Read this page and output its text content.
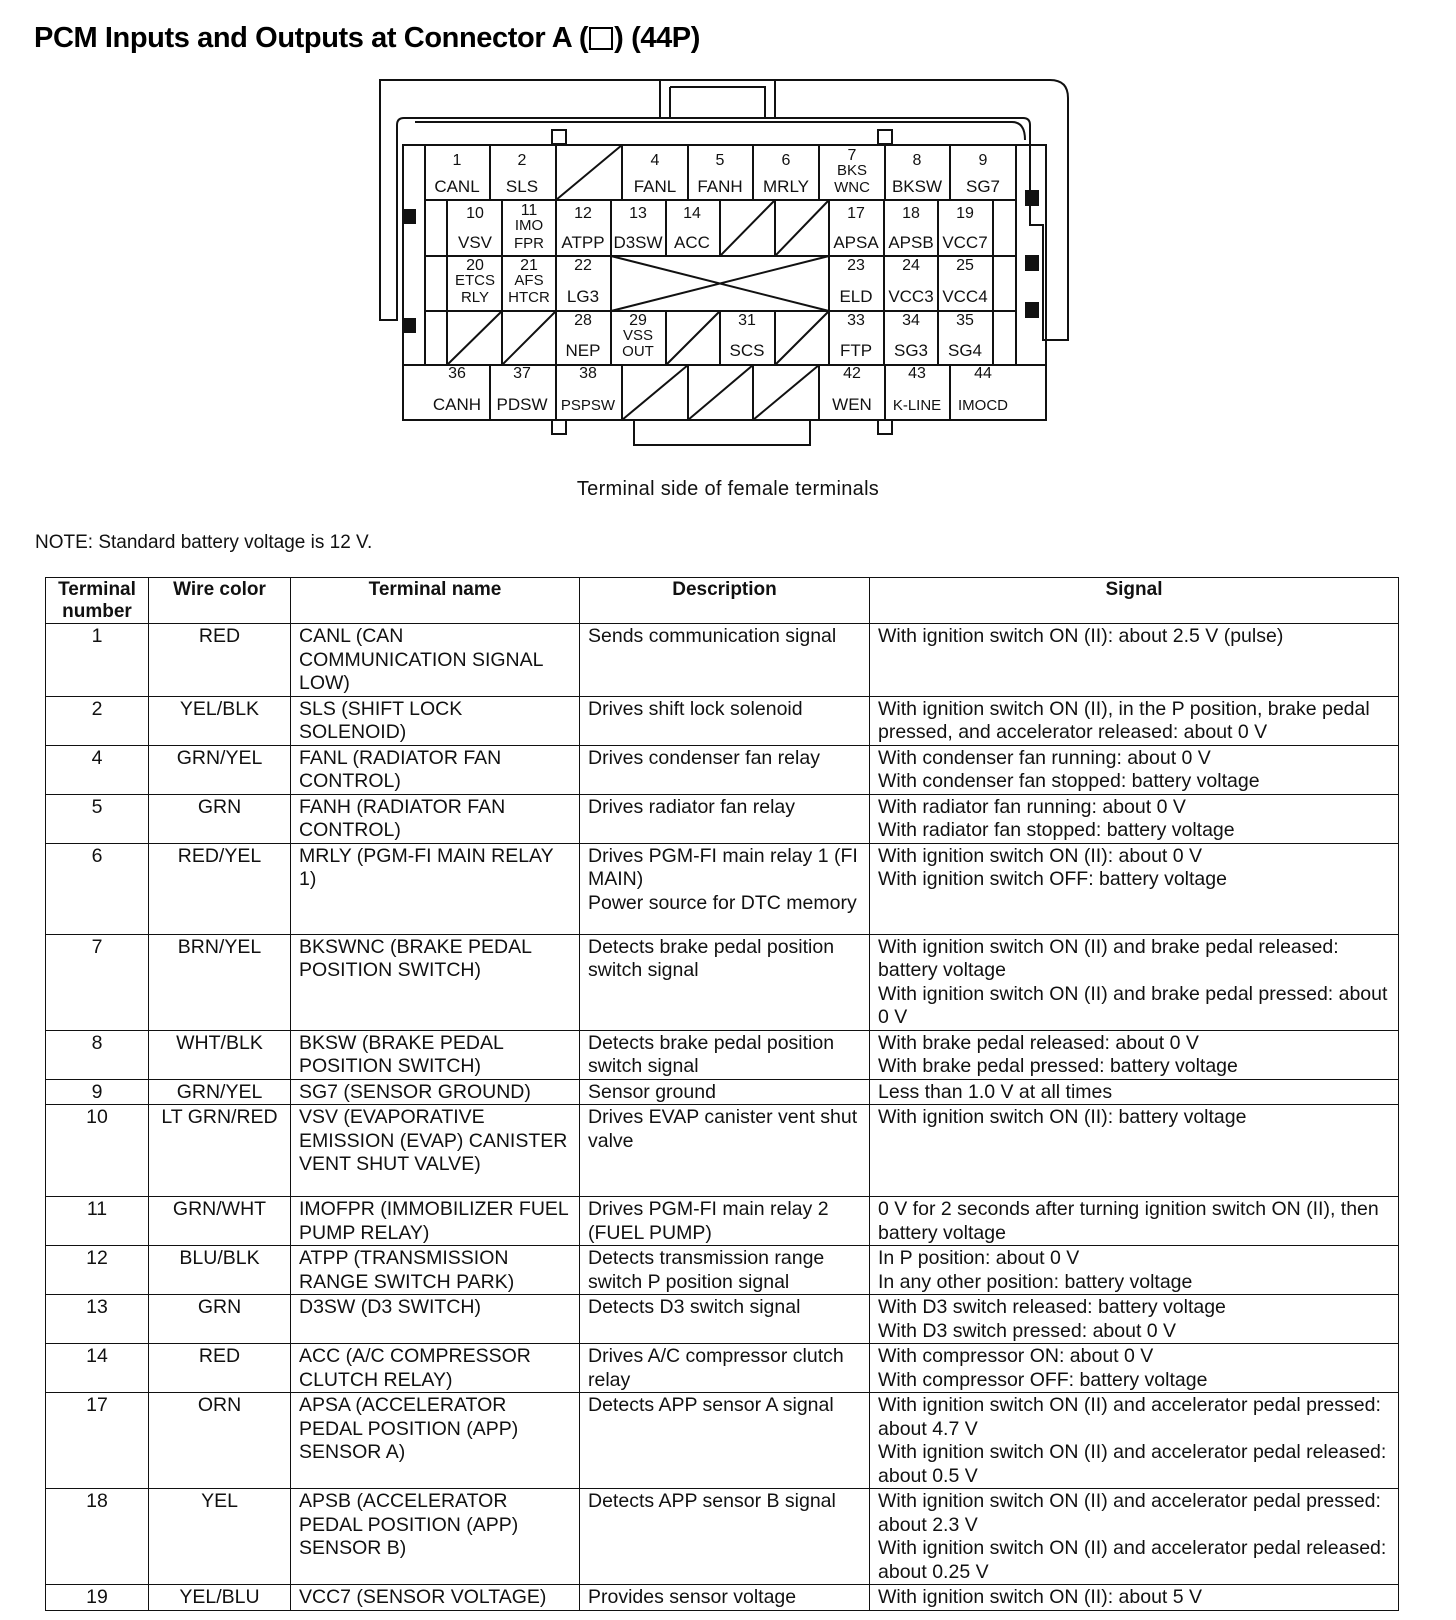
PCM Inputs and Outputs at Connector A ( ) (44P)
1
CANL
2
SLS
4
FANL
5
FANH
6
MRLY
7
BKS
WNC
8
BKSW
9
SG7
10
VSV
11
IMO
FPR
12
ATPP
13
D3SW
14
ACC
17
APSA
18
APSB
19
VCC7
20
ETCS
RLY
21
AFS
HTCR
22
LG3
23
ELD
24
VCC3
25
VCC4
28
NEP
29
VSS
OUT
31
SCS
33
FTP
34
SG3
35
SG4
36
CANH
37
PDSW
38
PSPSW
42
WEN
43
K-LINE
44
IMOCD
Terminal side of female terminals
NOTE: Standard battery voltage is 12 V.
Terminal number	Wire color	Terminal name	Description	Signal
1	RED	CANL (CAN COMMUNICATION SIGNAL LOW)	Sends communication signal	With ignition switch ON (II): about 2.5 V (pulse)
2	YEL/BLK	SLS (SHIFT LOCK SOLENOID)	Drives shift lock solenoid	With ignition switch ON (II), in the P position, brake pedal pressed, and accelerator released: about 0 V
4	GRN/YEL	FANL (RADIATOR FAN CONTROL)	Drives condenser fan relay	With condenser fan running: about 0 V
With condenser fan stopped: battery voltage
5	GRN	FANH (RADIATOR FAN CONTROL)	Drives radiator fan relay	With radiator fan running: about 0 V
With radiator fan stopped: battery voltage
6	RED/YEL	MRLY (PGM-FI MAIN RELAY 1)	Drives PGM-FI main relay 1 (FI MAIN)
Power source for DTC memory	With ignition switch ON (II): about 0 V
With ignition switch OFF: battery voltage
7	BRN/YEL	BKSWNC (BRAKE PEDAL POSITION SWITCH)	Detects brake pedal position switch signal	With ignition switch ON (II) and brake pedal released: battery voltage
With ignition switch ON (II) and brake pedal pressed: about 0 V
8	WHT/BLK	BKSW (BRAKE PEDAL POSITION SWITCH)	Detects brake pedal position switch signal	With brake pedal released: about 0 V
With brake pedal pressed: battery voltage
9	GRN/YEL	SG7 (SENSOR GROUND)	Sensor ground	Less than 1.0 V at all times
10	LT GRN/RED	VSV (EVAPORATIVE EMISSION (EVAP) CANISTER VENT SHUT VALVE)	Drives EVAP canister vent shut valve	With ignition switch ON (II): battery voltage
11	GRN/WHT	IMOFPR (IMMOBILIZER FUEL PUMP RELAY)	Drives PGM-FI main relay 2 (FUEL PUMP)	0 V for 2 seconds after turning ignition switch ON (II), then battery voltage
12	BLU/BLK	ATPP (TRANSMISSION RANGE SWITCH PARK)	Detects transmission range switch P position signal	In P position: about 0 V
In any other position: battery voltage
13	GRN	D3SW (D3 SWITCH)	Detects D3 switch signal	With D3 switch released: battery voltage
With D3 switch pressed: about 0 V
14	RED	ACC (A/C COMPRESSOR CLUTCH RELAY)	Drives A/C compressor clutch relay	With compressor ON: about 0 V
With compressor OFF: battery voltage
17	ORN	APSA (ACCELERATOR PEDAL POSITION (APP) SENSOR A)	Detects APP sensor A signal	With ignition switch ON (II) and accelerator pedal pressed: about 4.7 V
With ignition switch ON (II) and accelerator pedal released: about 0.5 V
18	YEL	APSB (ACCELERATOR PEDAL POSITION (APP) SENSOR B)	Detects APP sensor B signal	With ignition switch ON (II) and accelerator pedal pressed: about 2.3 V
With ignition switch ON (II) and accelerator pedal released: about 0.25 V
19	YEL/BLU	VCC7 (SENSOR VOLTAGE)	Provides sensor voltage	With ignition switch ON (II): about 5 V
